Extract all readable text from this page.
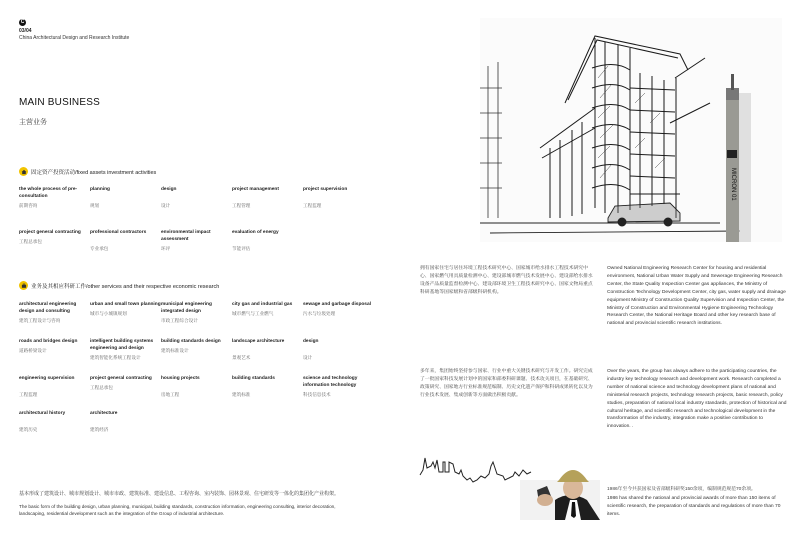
C
03/04
China Architectural Design and Research Institute
MAIN BUSINESS
主营业务
固定资产投资活动/fixed assets investment activities
the whole process of pre-consultation
前期咨询
planning
规划
design
设计
project management
工程管理
project supervision
工程监理
project general contracting
工程总承包
professional contractors
专业承包
environmental impact assessment
环评
evaluation of energy
节能评估
业务及其相应科研工作/other services and their respective economic research
architectural engineering design and consulting
建筑工程设计与咨询
urban and small town planning
城市与小城镇规划
municipal engineering integrated design
市政工程综合设计
city gas and industrial gas
城市燃气与工业燃气
sewage and garbage disposal
污水与垃圾处理
roads and bridges design
道路桥梁设计
intelligent building systems engineering and design
建筑智能化系统工程设计
building standards design
建筑标准设计
landscape architecture
景观艺术
design
设计
engineering supervision
工程监理
project general contracting
工程总承包
housing projects
房地工程
building standards
建筑标准
science and technology information technology
科技信息技术
architectural history
建筑历史
architecture
建筑经济
基本形成了建筑设计、城市规划设计、城市市政、建筑标准、建设信息、工程咨询、室内装饰、园林景观、住宅研发等一体化的集团化产业构架。
The basic form of the building design, urban planning, municipal, building standards, construction information, engineering consulting, interior decoration, landscaping, residential development such as the integration of the Group of industrial architecture.
MICRON 01
拥有国家住宅与居住环境工程技术研究中心、国家城市给水排水工程技术研究中心、国家燃气用具质量检测中心、建设部城市燃气技术发展中心、建设部给水排水设备产品质量监督检测中心、建设部环境卫生工程技术研究中心、国家文物局重点科研基地等国家级和省部级科研机构。
Owned National Engineering Research Center for housing and residential environment, National Urban Water Supply and Sewerage Engineering Research Center, the State Quality Inspection Center gas appliances, the Ministry of Construction Technology Development Center, city gas, water supply and drainage equipment Ministry of Construction Quality Supervision and Inspection Center, the Ministry of Construction and Environmental Hygiene Engineering Technology Research Center, the National Heritage Board and other key research base of national and provincial scientific research institutions.
多年来，集团始终坚持参与国家、行业中重大关键技术研究与开发工作。研究完成了一批国家科技发展计划中的国家和部委科研课题、技术攻关项目，在基础研究、政策研究、国家地方行业标准规范编制、历史文化遗产保护和科研成果转化以及为行业技术发展、集成创新等方面做出积极贡献。
Over the years, the group has always adhere to the participating countries, the industry key technology research and development work. Research completed a number of national science and technology development plans of national and ministerial research projects, technology research projects, basic research, policy studies, preparation of national local industry standards, protection of historical and cultural heritage, and scientific research and technological development in the transformation of the industry, integration make a positive contribution to innovation. .
1986年至今共获国家及省部级科研奖150余项，编制规范规范70余项。
1986 has shared the national and provincial awards of more than 150 items of scientific research, the preparation of standards and regulations of more than 70 items.
